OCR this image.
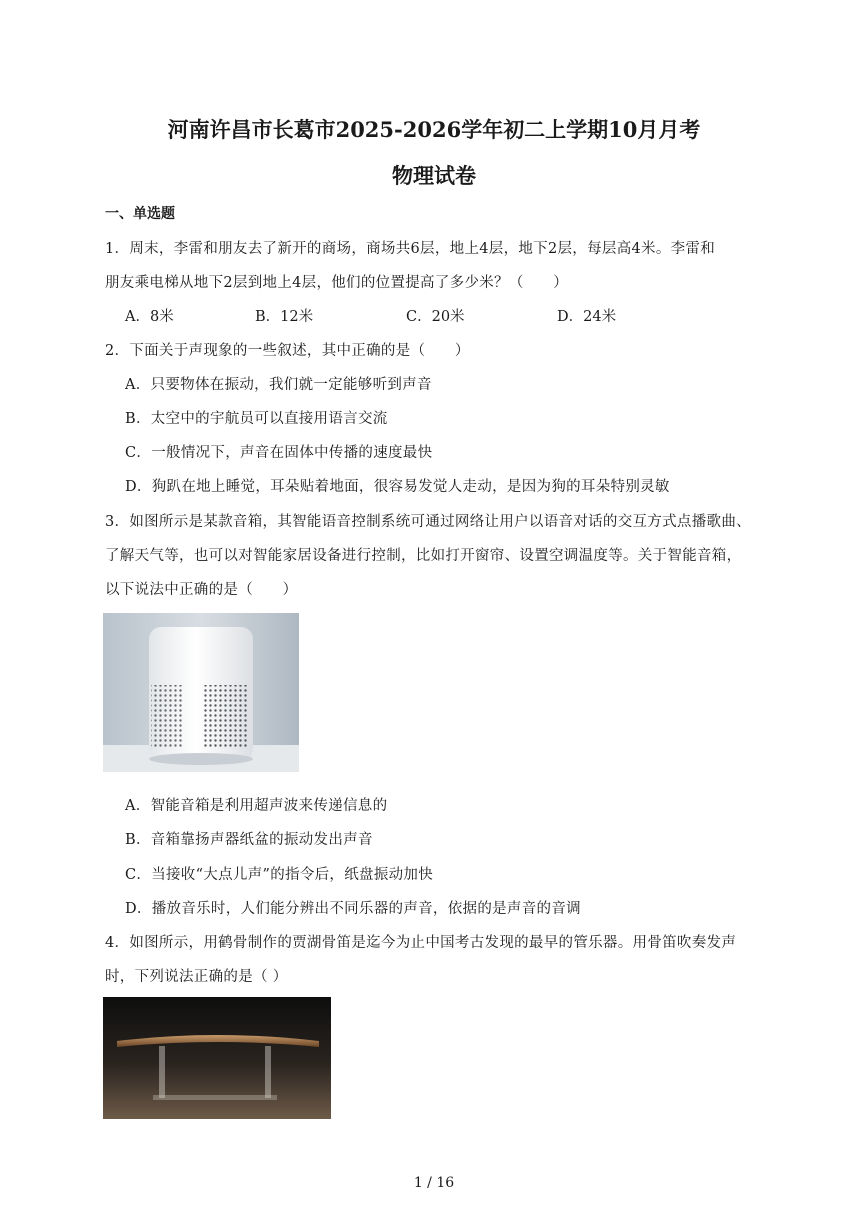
河南许昌市长葛市2025-2026学年初二上学期10月月考
物理试卷

一、单选题

1．周末，李雷和朋友去了新开的商场，商场共6层，地上4层，地下2层，每层高4米。李雷和

朋友乘电梯从地下2层到地上4层，他们的位置提高了多少米？（　　）

A．8米	B．12米	C．20米	D．24米

2．下面关于声现象的一些叙述，其中正确的是（　　）

A．只要物体在振动，我们就一定能够听到声音

B．太空中的宇航员可以直接用语言交流

C．一般情况下，声音在固体中传播的速度最快

D．狗趴在地上睡觉，耳朵贴着地面，很容易发觉人走动，是因为狗的耳朵特别灵敏

3．如图所示是某款音箱，其智能语音控制系统可通过网络让用户以语音对话的交互方式点播歌曲、

了解天气等，也可以对智能家居设备进行控制，比如打开窗帘、设置空调温度等。关于智能音箱，

以下说法中正确的是（　　）

A．智能音箱是利用超声波来传递信息的

B．音箱靠扬声器纸盆的振动发出声音

C．当接收“大点儿声”的指令后，纸盘振动加快

D．播放音乐时，人们能分辨出不同乐器的声音，依据的是声音的音调

4．如图所示，用鹤骨制作的贾湖骨笛是迄今为止中国考古发现的最早的管乐器。用骨笛吹奏发声

时，下列说法正确的是（ ）

1 / 16
